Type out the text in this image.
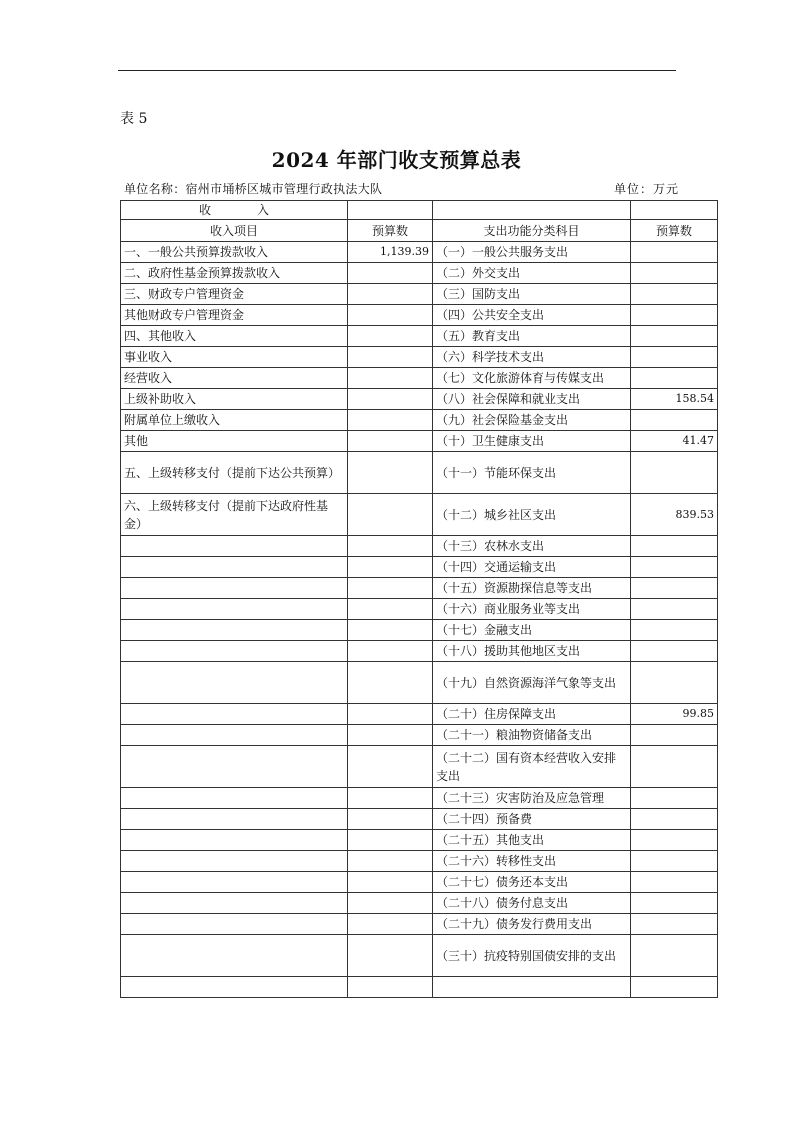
表 5
2024 年部门收支预算总表
单位名称：宿州市埇桥区城市管理行政执法大队	单位：万元
收 入			
收入项目	预算数	支出功能分类科目	预算数
一、一般公共预算拨款收入	1,139.39	（一）一般公共服务支出	
二、政府性基金预算拨款收入		（二）外交支出	
三、财政专户管理资金		（三）国防支出	
其他财政专户管理资金		（四）公共安全支出	
四、其他收入		（五）教育支出	
事业收入		（六）科学技术支出	
经营收入		（七）文化旅游体育与传媒支出	
上级补助收入		（八）社会保障和就业支出	158.54
附属单位上缴收入		（九）社会保险基金支出	
其他		（十）卫生健康支出	41.47
五、上级转移支付（提前下达公共预算）		（十一）节能环保支出	
六、上级转移支付（提前下达政府性基金）		（十二）城乡社区支出	839.53
		（十三）农林水支出	
		（十四）交通运输支出	
		（十五）资源勘探信息等支出	
		（十六）商业服务业等支出	
		（十七）金融支出	
		（十八）援助其他地区支出	
		（十九）自然资源海洋气象等支出	
		（二十）住房保障支出	99.85
		（二十一）粮油物资储备支出	
		（二十二）国有资本经营收入安排支出	
		（二十三）灾害防治及应急管理	
		（二十四）预备费	
		（二十五）其他支出	
		（二十六）转移性支出	
		（二十七）债务还本支出	
		（二十八）债务付息支出	
		（二十九）债务发行费用支出	
		（三十）抗疫特别国债安排的支出	
